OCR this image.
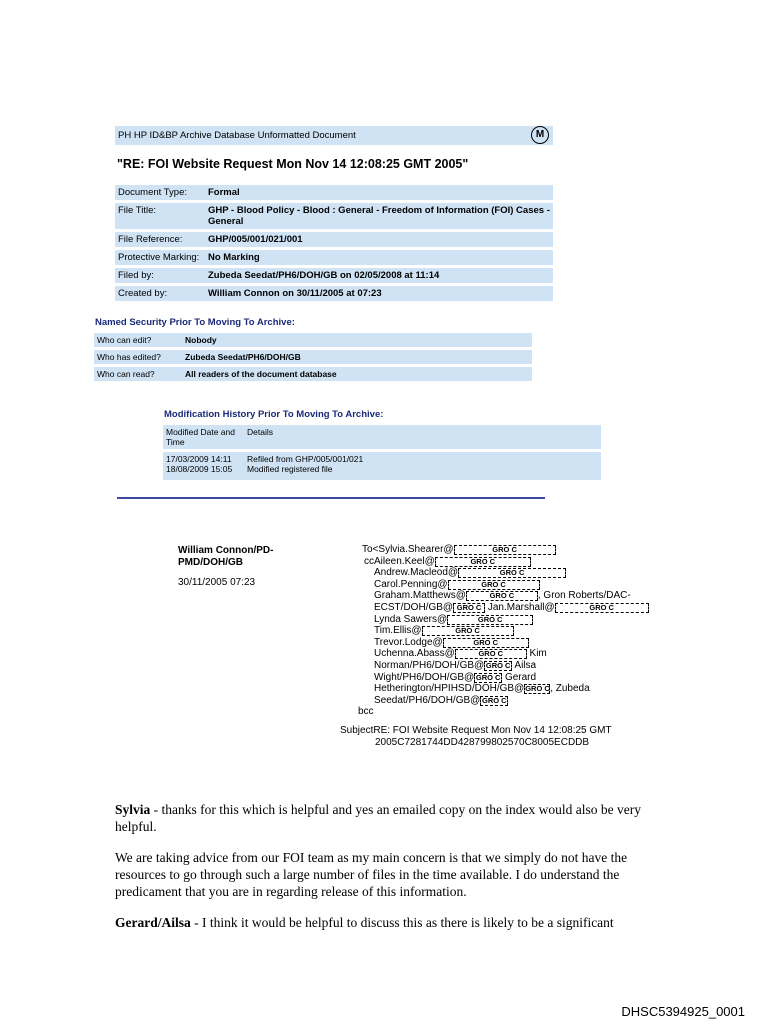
PH HP ID&BP Archive Database Unformatted Document	M
"RE: FOI Website Request Mon Nov 14 12:08:25 GMT 2005"
Document Type:	Formal
File Title:	GHP - Blood Policy - Blood : General - Freedom of Information (FOI) Cases - General
File Reference:	GHP/005/001/021/001
Protective Marking:	No Marking
Filed by:	Zubeda Seedat/PH6/DOH/GB on 02/05/2008 at 11:14
Created by:	William Connon on 30/11/2005 at 07:23
Named Security Prior To Moving To Archive:
Who can edit?	Nobody
Who has edited?	Zubeda Seedat/PH6/DOH/GB
Who can read?	All readers of the document database
Modification History Prior To Moving To Archive:
Modified Date and Time	Details
17/03/2009 14:11	Refiled from GHP/005/001/021
18/08/2009 15:05	Modified registered file
William Connon/PD-PMD/DOH/GB
30/11/2005 07:23
To<Sylvia.Shearer@	GRO C
ccAileen.Keel@	GRO C
Andrew.Macleod@	GRO C
Carol.Penning@	GRO C
Graham.Matthews@	GRO C , Gron Roberts/DAC-
ECST/DOH/GB@ GRO C Jan.Marshall@	GRO C
Lynda Sawers@	GRO C
Tim.Ellis@	GRO C
Trevor.Lodge@	GRO C
Uchenna.Abass@	GRO C Kim
Norman/PH6/DOH/GB@ GRO C Ailsa
Wight/PH6/DOH/GB@ GRO C Gerard
Hetherington/HPIHSD/DOH/GB@GRO C, Zubeda
Seedat/PH6/DOH/GB@ GRO C
bcc
SubjectRE: FOI Website Request Mon Nov 14 12:08:25 GMT
2005C7281744DD428799802570C8005ECDDB
Sylvia - thanks for this which is helpful and yes an emailed copy on the index would also be very helpful.
We are taking advice from our FOI team as my main concern is that we simply do not have the resources to go through such a large number of files in the time available. I do understand the predicament that you are in regarding release of this information.
Gerard/Ailsa - I think it would be helpful to discuss this as there is likely to be a significant
DHSC5394925_0001
